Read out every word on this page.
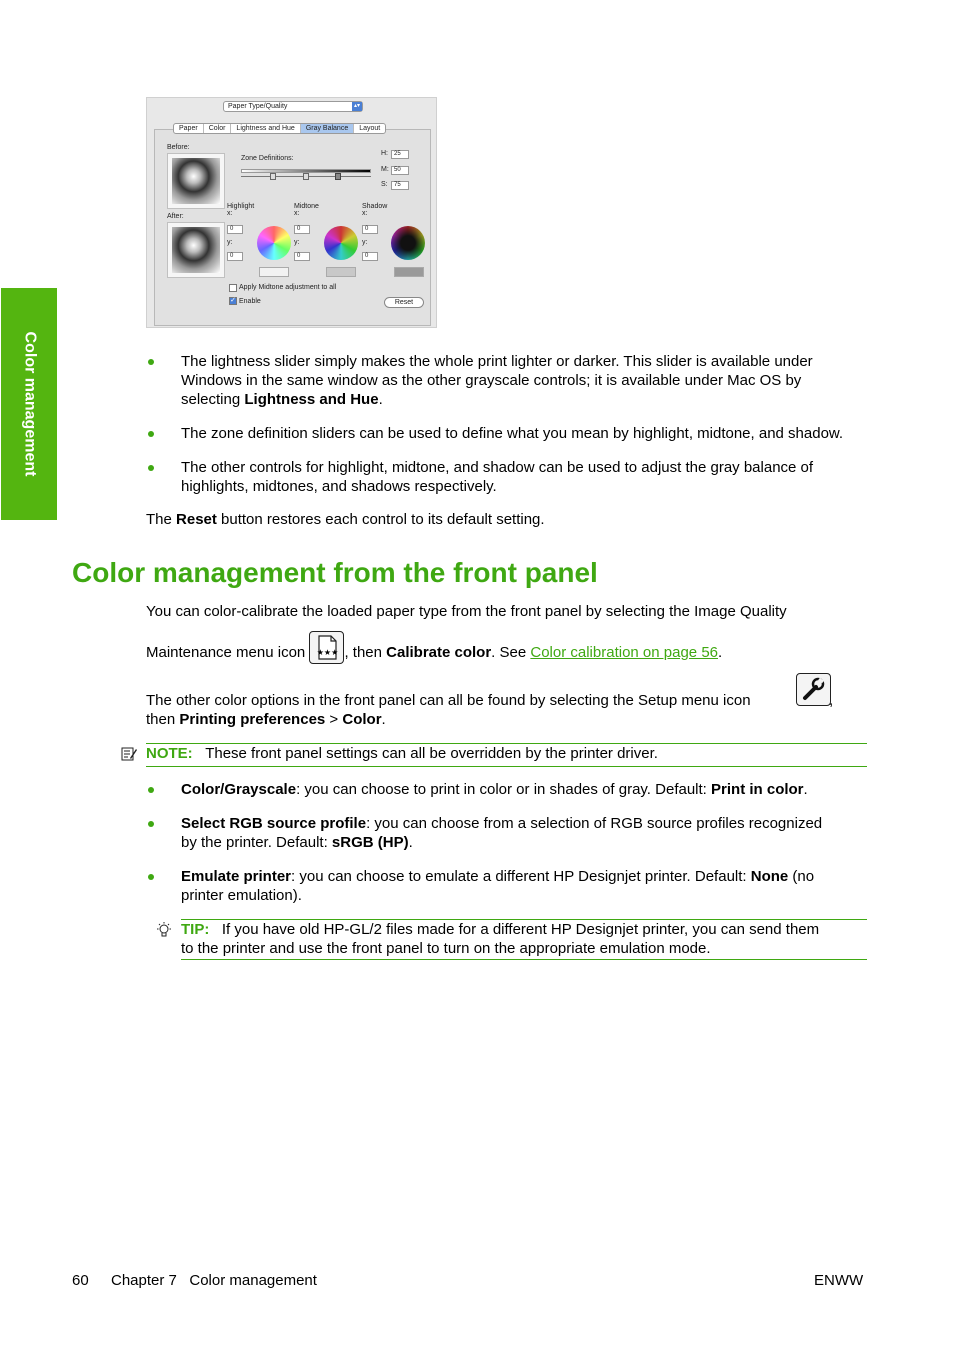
Color management
Paper Type/Quality	▴▾
Paper	Color	Lightness and Hue	Gray Balance	Layout
Before:
After:
Zone Definitions:
H:	25
M: 50
S:	75
Highlight
x:
0
y:
0
Midtone
x:
0
y:
0
Shadow
x:
0
y:
0
Apply Midtone adjustment to all
✓ Enable	Reset
The lightness slider simply makes the whole print lighter or darker. This slider is available under
Windows in the same window as the other grayscale controls; it is available under Mac OS by
selecting Lightness and Hue.
The zone definition sliders can be used to define what you mean by highlight, midtone, and shadow.
The other controls for highlight, midtone, and shadow can be used to adjust the gray balance of
highlights, midtones, and shadows respectively.
The Reset button restores each control to its default setting.
Color management from the front panel
You can color-calibrate the loaded paper type from the front panel by selecting the Image Quality
Maintenance menu icon ★★★ , then Calibrate color. See Color calibration on page 56.
The other color options in the front panel can all be found by selecting the Setup menu icon	,
then Printing preferences > Color.
NOTE: These front panel settings can all be overridden by the printer driver.
Color/Grayscale: you can choose to print in color or in shades of gray. Default: Print in color.
Select RGB source profile: you can choose from a selection of RGB source profiles recognized
by the printer. Default: sRGB (HP).
Emulate printer: you can choose to emulate a different HP Designjet printer. Default: None (no
printer emulation).
TIP: If you have old HP-GL/2 files made for a different HP Designjet printer, you can send them
to the printer and use the front panel to turn on the appropriate emulation mode.
60 Chapter 7   Color management	ENWW
